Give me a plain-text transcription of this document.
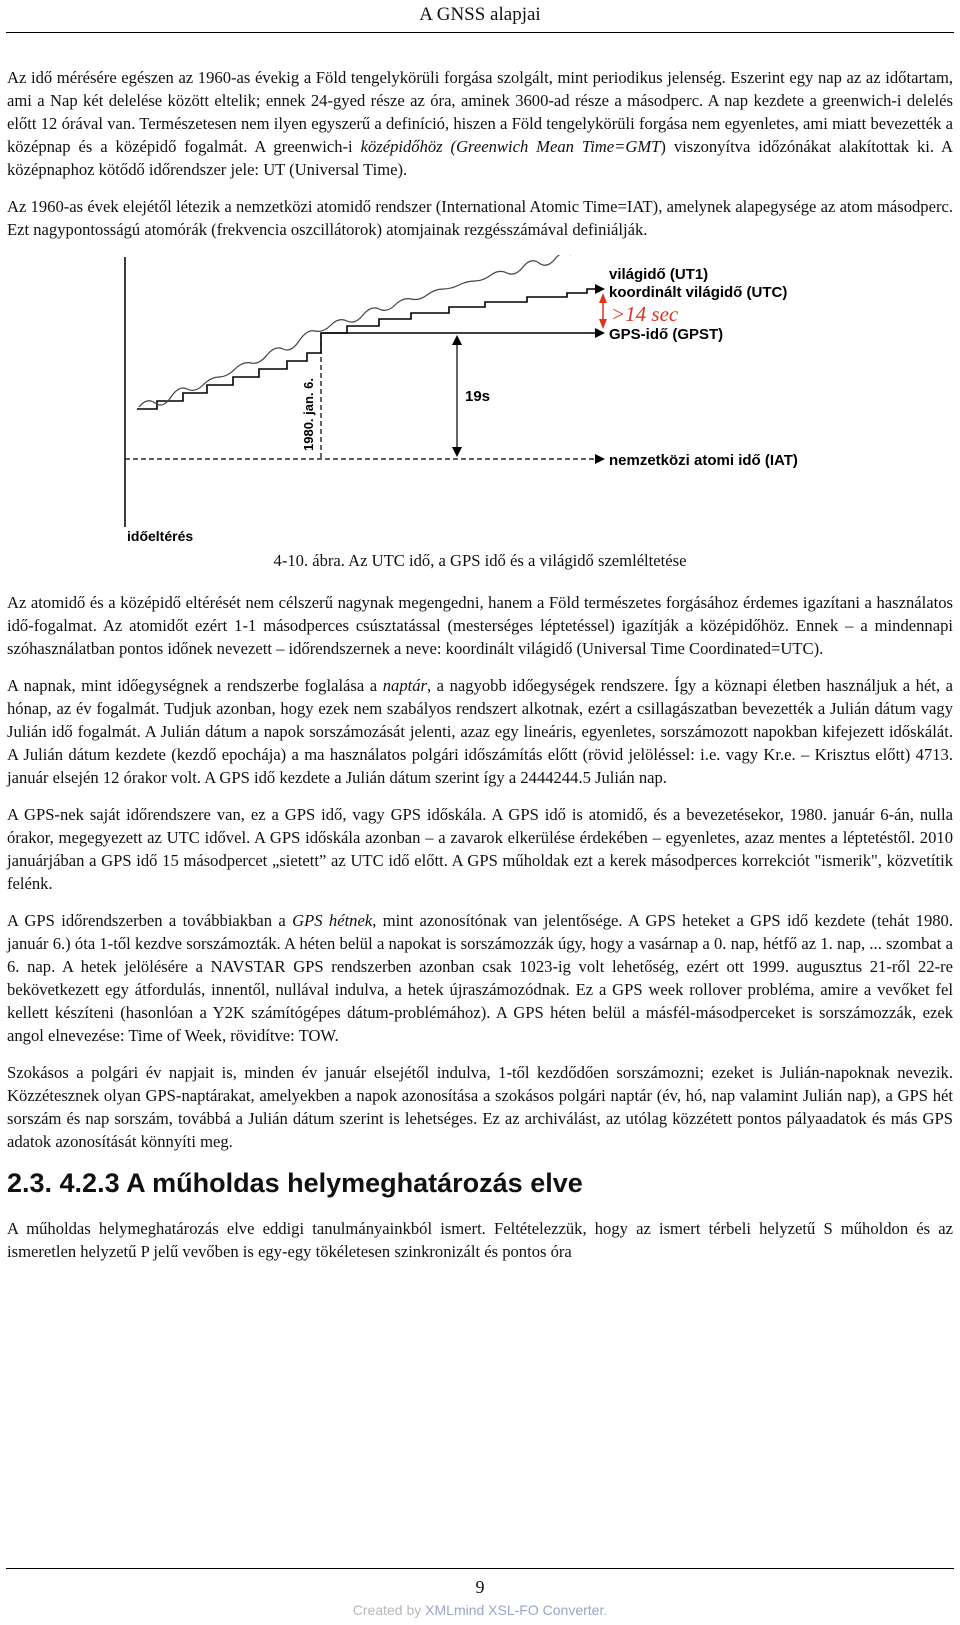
A GNSS alapjai

Az idő mérésére egészen az 1960-as évekig a Föld tengelykörüli forgása szolgált, mint periodikus jelenség. Eszerint egy nap az az időtartam, ami a Nap két delelése között eltelik; ennek 24-gyed része az óra, aminek 3600-ad része a másodperc. A nap kezdete a greenwich-i delelés előtt 12 órával van. Természetesen nem ilyen egyszerű a definíció, hiszen a Föld tengelykörüli forgása nem egyenletes, ami miatt bevezették a középnap és a középidő fogalmát. A greenwich-i középidőhöz (Greenwich Mean Time=GMT) viszonyítva időzónákat alakítottak ki. A középnaphoz kötődő időrendszer jele: UT (Universal Time).

Az 1960-as évek elejétől létezik a nemzetközi atomidő rendszer (International Atomic Time=IAT), amelynek alapegysége az atom másodperc. Ezt nagypontosságú atomórák (frekvencia oszcillátorok) atomjainak rezgésszámával definiálják.

világidő (UT1)
koordinált világidő (UTC)
>14 sec
GPS-idő (GPST)
19s
1980. jan. 6.
nemzetközi atomi idő (IAT)
időeltérés
4-10. ábra. Az UTC idő, a GPS idő és a világidő szemléltetése

Az atomidő és a középidő eltérését nem célszerű nagynak megengedni, hanem a Föld természetes forgásához érdemes igazítani a használatos idő-fogalmat. Az atomidőt ezért 1-1 másodperces csúsztatással (mesterséges léptetéssel) igazítják a középidőhöz. Ennek – a mindennapi szóhasználatban pontos időnek nevezett – időrendszernek a neve: koordinált világidő (Universal Time Coordinated=UTC).

A napnak, mint időegységnek a rendszerbe foglalása a naptár, a nagyobb időegységek rendszere. Így a köznapi életben használjuk a hét, a hónap, az év fogalmát. Tudjuk azonban, hogy ezek nem szabályos rendszert alkotnak, ezért a csillagászatban bevezették a Julián dátum vagy Julián idő fogalmát. A Julián dátum a napok sorszámozását jelenti, azaz egy lineáris, egyenletes, sorszámozott napokban kifejezett időskálát. A Julián dátum kezdete (kezdő epochája) a ma használatos polgári időszámítás előtt (rövid jelöléssel: i.e. vagy Kr.e. – Krisztus előtt) 4713. január elsején 12 órakor volt. A GPS idő kezdete a Julián dátum szerint így a 2444244.5 Julián nap.

A GPS-nek saját időrendszere van, ez a GPS idő, vagy GPS időskála. A GPS idő is atomidő, és a bevezetésekor, 1980. január 6-án, nulla órakor, megegyezett az UTC idővel. A GPS időskála azonban – a zavarok elkerülése érdekében – egyenletes, azaz mentes a léptetéstől. 2010 januárjában a GPS idő 15 másodpercet „sietett” az UTC idő előtt. A GPS műholdak ezt a kerek másodperces korrekciót "ismerik", közvetítik felénk.

A GPS időrendszerben a továbbiakban a GPS hétnek, mint azonosítónak van jelentősége. A GPS heteket a GPS idő kezdete (tehát 1980. január 6.) óta 1-től kezdve sorszámozták. A héten belül a napokat is sorszámozzák úgy, hogy a vasárnap a 0. nap, hétfő az 1. nap, ... szombat a 6. nap. A hetek jelölésére a NAVSTAR GPS rendszerben azonban csak 1023-ig volt lehetőség, ezért ott 1999. augusztus 21-ről 22-re bekövetkezett egy átfordulás, innentől, nullával indulva, a hetek újraszámozódnak. Ez a GPS week rollover probléma, amire a vevőket fel kellett készíteni (hasonlóan a Y2K számítógépes dátum-problémához). A GPS héten belül a másfél-másodperceket is sorszámozzák, ezek angol elnevezése: Time of Week, rövidítve: TOW.

Szokásos a polgári év napjait is, minden év január elsejétől indulva, 1-től kezdődően sorszámozni; ezeket is Julián-napoknak nevezik. Közzétesznek olyan GPS-naptárakat, amelyekben a napok azonosítása a szokásos polgári naptár (év, hó, nap valamint Julián nap), a GPS hét sorszám és nap sorszám, továbbá a Julián dátum szerint is lehetséges. Ez az archiválást, az utólag közzétett pontos pályaadatok és más GPS adatok azonosítását könnyíti meg.

2.3. 4.2.3 A műholdas helymeghatározás elve

A műholdas helymeghatározás elve eddigi tanulmányainkból ismert. Feltételezzük, hogy az ismert térbeli helyzetű S műholdon és az ismeretlen helyzetű P jelű vevőben is egy-egy tökéletesen szinkronizált és pontos óra

9
Created by XMLmind XSL-FO Converter.
